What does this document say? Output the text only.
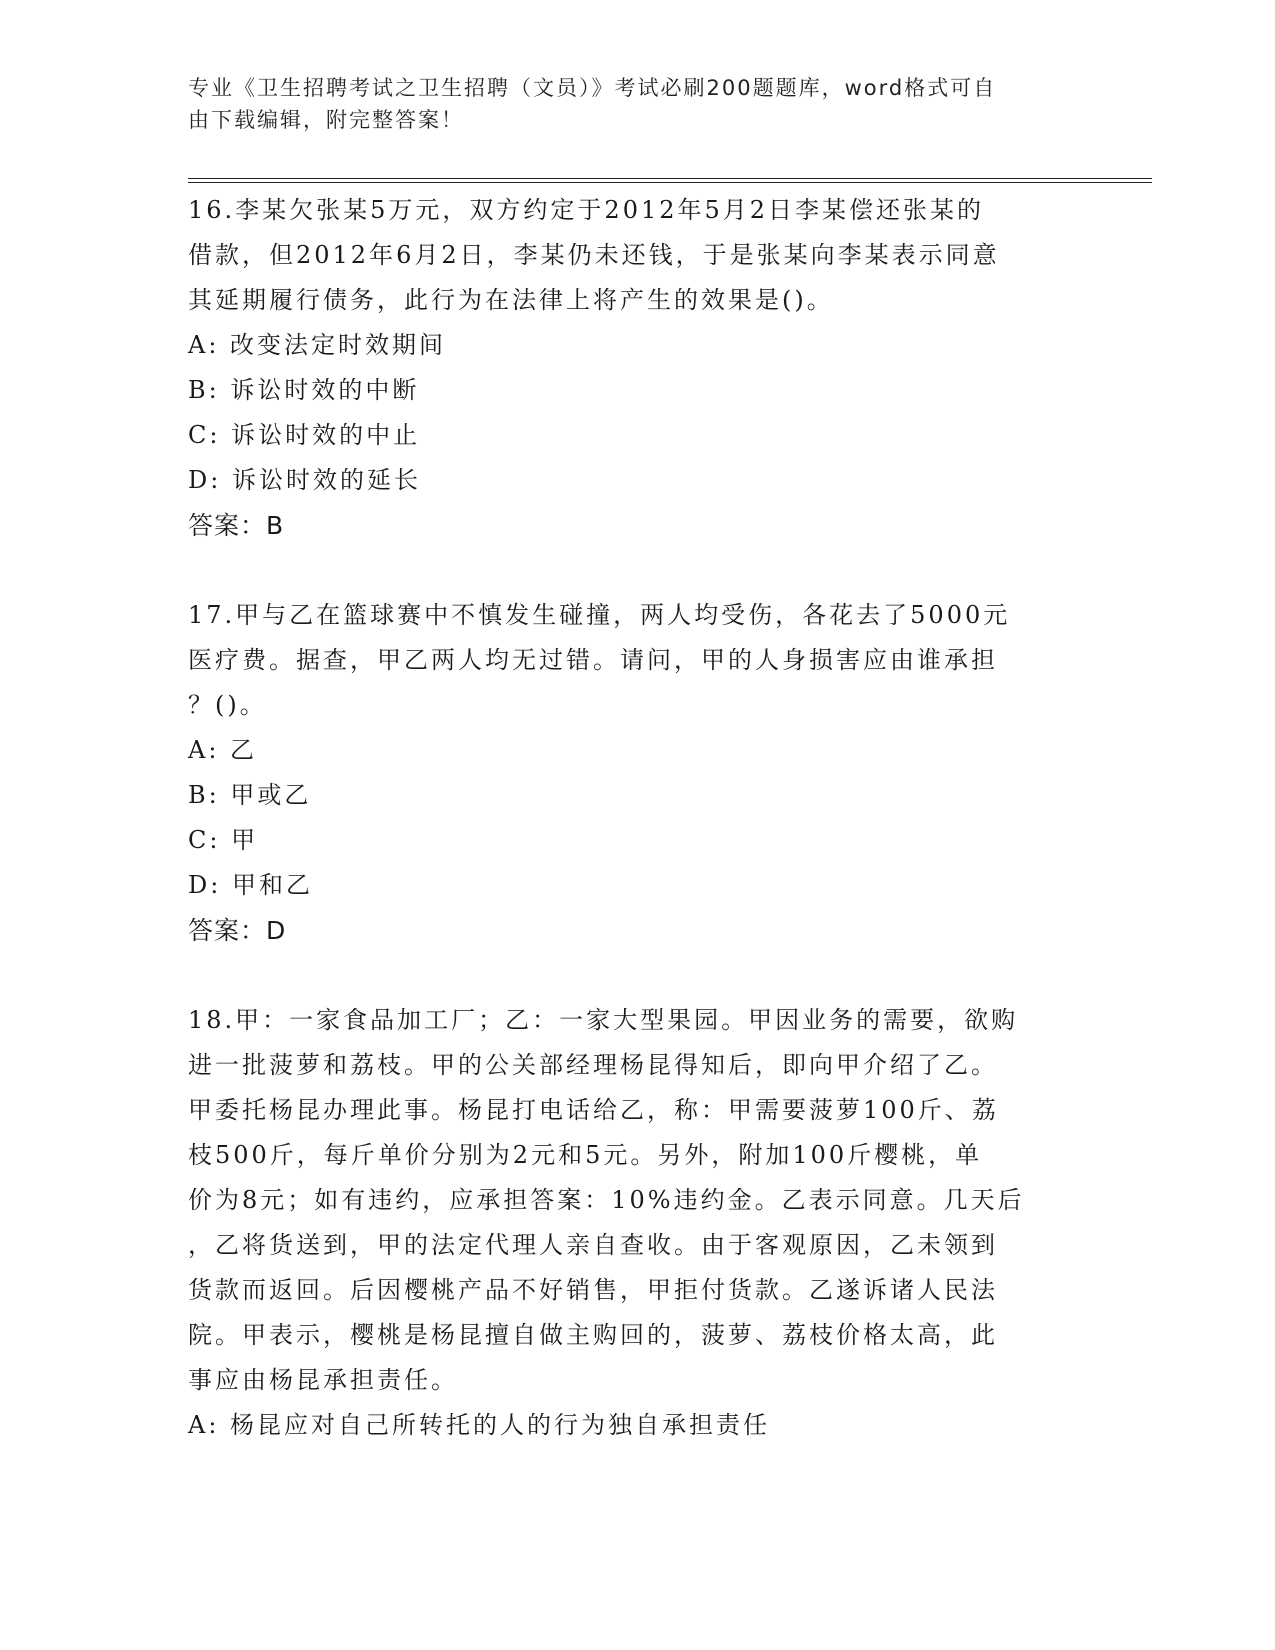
专业《卫生招聘考试之卫生招聘（文员）》考试必刷200题题库，word格式可自
由下载编辑，附完整答案！

16.李某欠张某5万元，双方约定于2012年5月2日李某偿还张某的
借款，但2012年6月2日，李某仍未还钱，于是张某向李某表示同意
其延期履行债务，此行为在法律上将产生的效果是()。

A: 改变法定时效期间

B: 诉讼时效的中断

C: 诉讼时效的中止

D: 诉讼时效的延长

答案：B

17.甲与乙在篮球赛中不慎发生碰撞，两人均受伤，各花去了5000元
医疗费。据查，甲乙两人均无过错。请问，甲的人身损害应由谁承担
？()。

A: 乙

B: 甲或乙

C: 甲

D: 甲和乙

答案：D

18.甲：一家食品加工厂；乙：一家大型果园。甲因业务的需要，欲购
进一批菠萝和荔枝。甲的公关部经理杨昆得知后，即向甲介绍了乙。
甲委托杨昆办理此事。杨昆打电话给乙，称：甲需要菠萝100斤、荔
枝500斤，每斤单价分别为2元和5元。另外，附加100斤樱桃，单
价为8元；如有违约，应承担答案：10%违约金。乙表示同意。几天后
，乙将货送到，甲的法定代理人亲自查收。由于客观原因，乙未领到
货款而返回。后因樱桃产品不好销售，甲拒付货款。乙遂诉诸人民法
院。甲表示，樱桃是杨昆擅自做主购回的，菠萝、荔枝价格太高，此
事应由杨昆承担责任。

A: 杨昆应对自己所转托的人的行为独自承担责任
